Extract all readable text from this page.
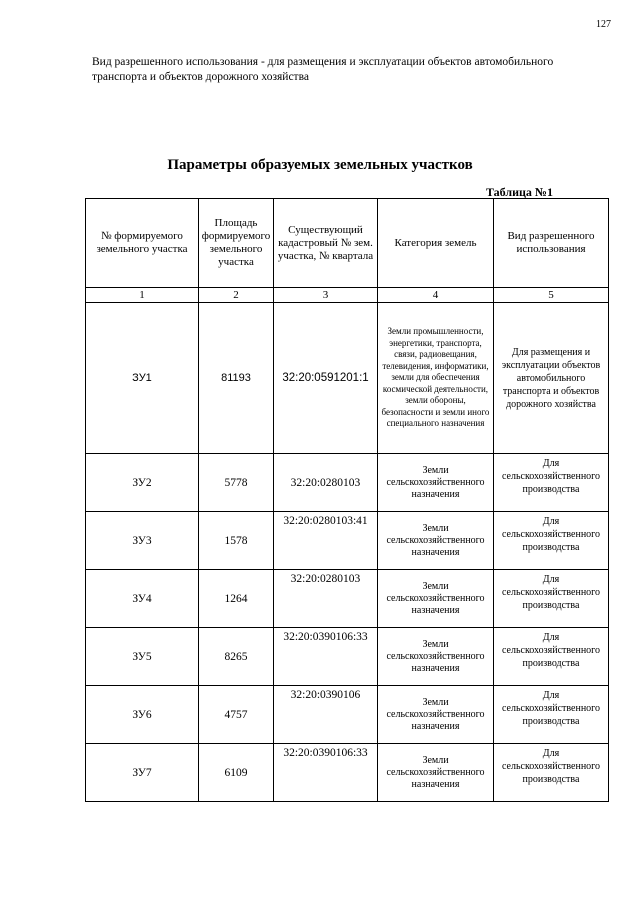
127
Вид разрешенного использования - для размещения и эксплуатации объектов автомобильного транспорта и объектов дорожного хозяйства
Параметры образуемых земельных участков
Таблица №1
№ формируемого земельного участка	Площадь формируемого земельного участка	Существующий кадастровый № зем. участка, № квартала	Категория земель	Вид разрешенного использования
1	2	3	4	5
ЗУ1	81193	32:20:0591201:1	Земли промышленности, энергетики, транспорта, связи, радиовещания, телевидения, информатики, земли для обеспечения космической деятельности, земли обороны, безопасности и земли иного специального назначения	Для размещения и эксплуатации объектов автомобильного транспорта и объектов дорожного хозяйства
ЗУ2	5778	32:20:0280103	Земли сельскохозяйственного назначения	Для сельскохозяйственного производства
ЗУ3	1578	32:20:0280103:41	Земли сельскохозяйственного назначения	Для сельскохозяйственного производства
ЗУ4	1264	32:20:0280103	Земли сельскохозяйственного назначения	Для сельскохозяйственного производства
ЗУ5	8265	32:20:0390106:33	Земли сельскохозяйственного назначения	Для сельскохозяйственного производства
ЗУ6	4757	32:20:0390106	Земли сельскохозяйственного назначения	Для сельскохозяйственного производства
ЗУ7	6109	32:20:0390106:33	Земли сельскохозяйственного назначения	Для сельскохозяйственного производства
